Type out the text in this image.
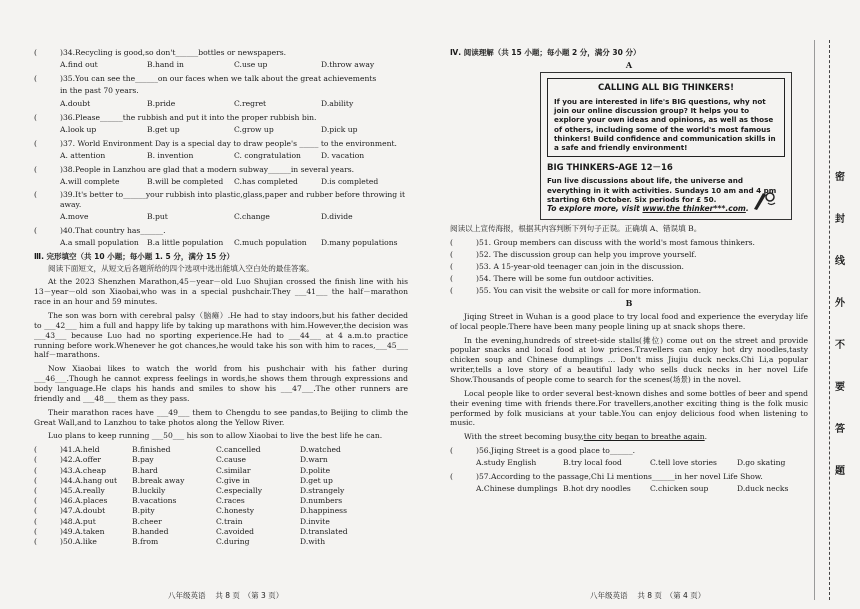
(	)34.Recycling is good,so don't______bottles or newspapers.
A.find out	B.hand in	C.use up	D.throw away
(	)35.You can see the______on our faces when we talk about the great achievements
in the past 70 years.
A.doubt	B.pride	C.regret	D.ability
(	)36.Please______the rubbish and put it into the proper rubbish bin.
A.look up	B.get up	C.grow up	D.pick up
(	)37. World Environment Day is a special day to draw people's _____ to the environment.
A. attention	B. invention	C. congratulation	D. vacation
(	)38.People in Lanzhou are glad that a modern subway______in several years.
A.will complete	B.will be completed	C.has completed	D.is completed
(	)39.It's better to______your rubbish into plastic,glass,paper and rubber before throwing it away.
A.move	B.put	C.change	D.divide
(	)40.That country has______.
A.a small population	B.a little population	C.much population	D.many populations
Ⅲ. 完形填空（共 10 小题；每小题 1. 5 分，满分 15 分）
阅读下面短文，从短文后各题所给的四个选项中选出能填入空白处的最佳答案。
At the 2023 Shenzhen Marathon,45－year－old Luo Shujian crossed the finish line with his 13－year－old son Xiaobai,who was in a special pushchair.They ___41___ the half－marathon race in an hour and 59 minutes.
The son was born with cerebral palsy（脑瘫）.He had to stay indoors,but his father decided to ___42___ him a full and happy life by taking up marathons with him.However,the decision was ___43___ because Luo had no sporting experience.He had to ___44___ at 4 a.m.to practice running before work.Whenever he got chances,he would take his son with him to races,___45___ half－marathons.
Now Xiaobai likes to watch the world from his pushchair with his father during ___46___.Though he cannot express feelings in words,he shows them through expressions and body language.He claps his hands and smiles to show his ___47___.The other runners are friendly and ___48___ them as they pass.
Their marathon races have ___49___ them to Chengdu to see pandas,to Beijing to climb the Great Wall,and to Lanzhou to take photos along the Yellow River.
Luo plans to keep running ___50___ his son to allow Xiaobai to live the best life he can.
(	)41.A.held	B.finished	C.cancelled	D.watched
(	)42.A.offer	B.pay	C.cause	D.warn
(	)43.A.cheap	B.hard	C.similar	D.polite
(	)44.A.hang out	B.break away	C.give in	D.get up
(	)45.A.really	B.luckily	C.especially	D.strangely
(	)46.A.places	B.vacations	C.races	D.numbers
(	)47.A.doubt	B.pity	C.honesty	D.happiness
(	)48.A.put	B.cheer	C.train	D.invite
(	)49.A.taken	B.handed	C.avoided	D.translated
(	)50.A.like	B.from	C.during	D.with
八年级英语　 共 8 页　（第 3 页）
Ⅳ. 阅读理解（共 15 小题；每小题 2 分，满分 30 分）
A
CALLING ALL BIG THINKERS!
If you are interested in life's BIG questions, why not join our online discussion group? It helps you to explore your own ideas and opinions, as well as those of others, including some of the world's most famous thinkers! Build confidence and communication skills in a safe and friendly environment!
BIG THINKERS-AGE 12－16
Fun live discussions about life, the universe and everything in it with activities. Sundays 10 am and 4 pm starting 6th October. Six periods for £ 50.
To explore more, visit www.the thinker***.com.
阅读以上宣传海报，根据其内容判断下列句子正误。正确填 A、错误填 B。
(	)51. Group members can discuss with the world's most famous thinkers.
(	)52. The discussion group can help you improve yourself.
(	)53. A 15-year-old teenager can join in the discussion.
(	)54. There will be some fun outdoor activities.
(	)55. You can visit the website or call for more information.
B
Jiqing Street in Wuhan is a good place to try local food and experience the everyday life of local people.There have been many people lining up at snack shops there.
In the evening,hundreds of street-side stalls(摊位) come out on the street and provide popular snacks and local food at low prices.Travellers can enjoy hot dry noodles,tasty chicken soup and Chinese dumplings … Don't miss Jiujiu duck necks.Chi Li,a popular writer,tells a love story of a beautiful lady who sells duck necks in her novel Life Show.Thousands of people come to search for the scenes(场景) in the novel.
Local people like to order several best-known dishes and some bottles of beer and spend their evening time with friends there.For travellers,another exciting thing is the folk music performed by folk musicians at your table.You can enjoy delicious food when listening to music.
With the street becoming busy,the city began to breathe again.
(	)56.Jiqing Street is a good place to______.
A.study English	B.try local food	C.tell love stories	D.go skating
(	)57.According to the passage,Chi Li mentions______in her novel Life Show.
A.Chinese dumplings B.hot dry noodles	C.chicken soup	D.duck necks
八年级英语　 共 8 页　（第 4 页）
密
封
线
外
不
要
答
题
